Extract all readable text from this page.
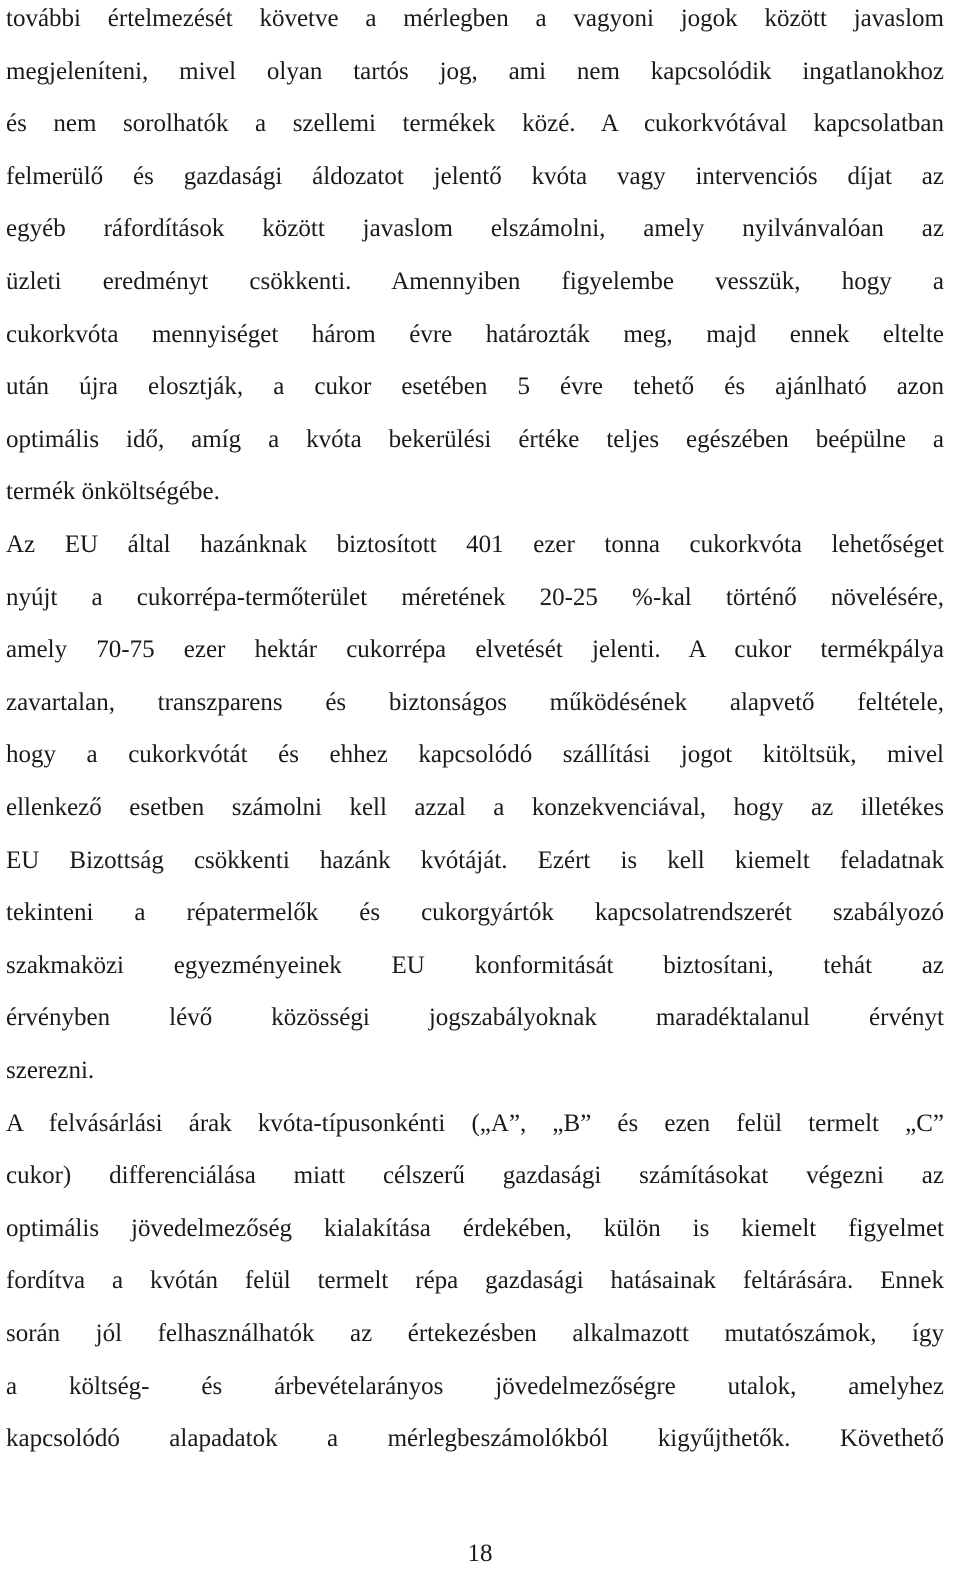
további értelmezését követve a mérlegben a vagyoni jogok között javaslom
megjeleníteni, mivel olyan tartós jog, ami nem kapcsolódik ingatlanokhoz
és nem sorolhatók a szellemi termékek közé. A cukorkvótával kapcsolatban
felmerülő és gazdasági áldozatot jelentő kvóta vagy intervenciós díjat az
egyéb ráfordítások között javaslom elszámolni, amely nyilvánvalóan az
üzleti eredményt csökkenti. Amennyiben figyelembe vesszük, hogy a
cukorkvóta mennyiséget három évre határozták meg, majd ennek eltelte
után újra elosztják, a cukor esetében 5 évre tehető és ajánlható azon
optimális idő, amíg a kvóta bekerülési értéke teljes egészében beépülne a
termék önköltségébe.
Az EU által hazánknak biztosított 401 ezer tonna cukorkvóta lehetőséget
nyújt a cukorrépa-termőterület méretének 20-25 %-kal történő növelésére,
amely 70-75 ezer hektár cukorrépa elvetését jelenti. A cukor termékpálya
zavartalan, transzparens és biztonságos működésének alapvető feltétele,
hogy a cukorkvótát és ehhez kapcsolódó szállítási jogot kitöltsük, mivel
ellenkező esetben számolni kell azzal a konzekvenciával, hogy az illetékes
EU Bizottság csökkenti hazánk kvótáját. Ezért is kell kiemelt feladatnak
tekinteni a répatermelők és cukorgyártók kapcsolatrendszerét szabályozó
szakmaközi egyezményeinek EU konformitását biztosítani, tehát az
érvényben lévő közösségi jogszabályoknak maradéktalanul érvényt
szerezni.
A felvásárlási árak kvóta-típusonkénti („A”, „B” és ezen felül termelt „C”
cukor) differenciálása miatt célszerű gazdasági számításokat végezni az
optimális jövedelmezőség kialakítása érdekében, külön is kiemelt figyelmet
fordítva a kvótán felül termelt répa gazdasági hatásainak feltárására. Ennek
során jól felhasználhatók az értekezésben alkalmazott mutatószámok, így
a költség- és árbevételarányos jövedelmezőségre utalok, amelyhez
kapcsolódó alapadatok a mérlegbeszámolókból kigyűjthetők. Követhető
18
